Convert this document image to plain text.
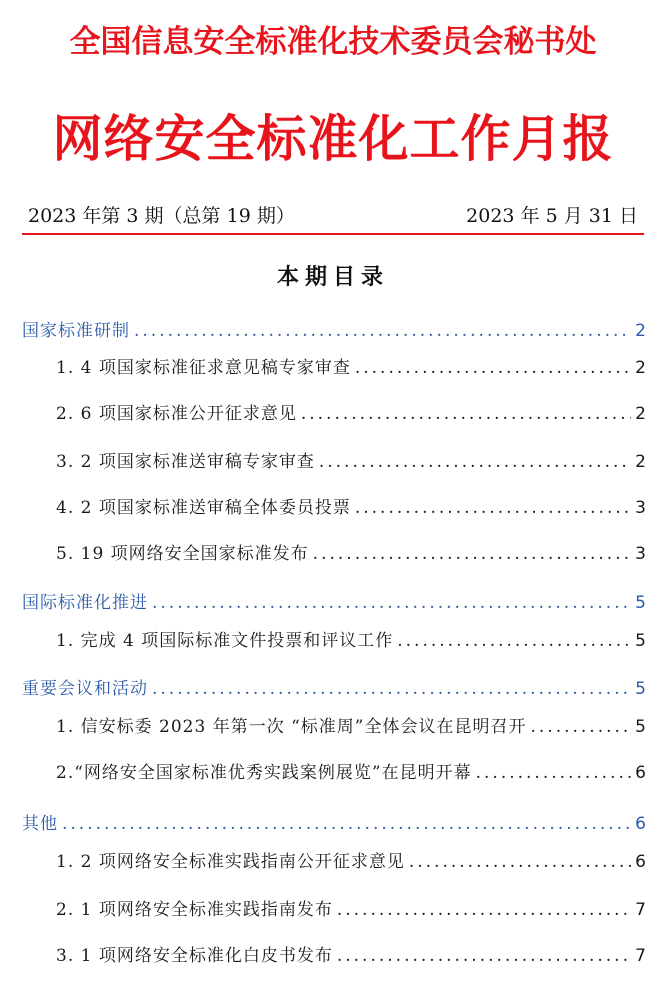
全国信息安全标准化技术委员会秘书处
网络安全标准化工作月报
2023 年第 3 期（总第 19 期）	2023 年 5 月 31 日
本期目录
国家标准研制 .....	2
1. 4 项国家标准征求意见稿专家审查 .....	2
2. 6 项国家标准公开征求意见 .....	2
3. 2 项国家标准送审稿专家审查 .....	2
4. 2 项国家标准送审稿全体委员投票 .....	3
5. 19 项网络安全国家标准发布 .....	3
国际标准化推进 .....	5
1. 完成 4 项国际标准文件投票和评议工作 .....	5
重要会议和活动 .....	5
1. 信安标委 2023 年第一次 “标准周”全体会议在昆明召开 .....	5
2.“网络安全国家标准优秀实践案例展览”在昆明开幕 .....	6
其他 .....	6
1. 2 项网络安全标准实践指南公开征求意见 .....	6
2. 1 项网络安全标准实践指南发布 .....	7
3. 1 项网络安全标准化白皮书发布 .....	7
